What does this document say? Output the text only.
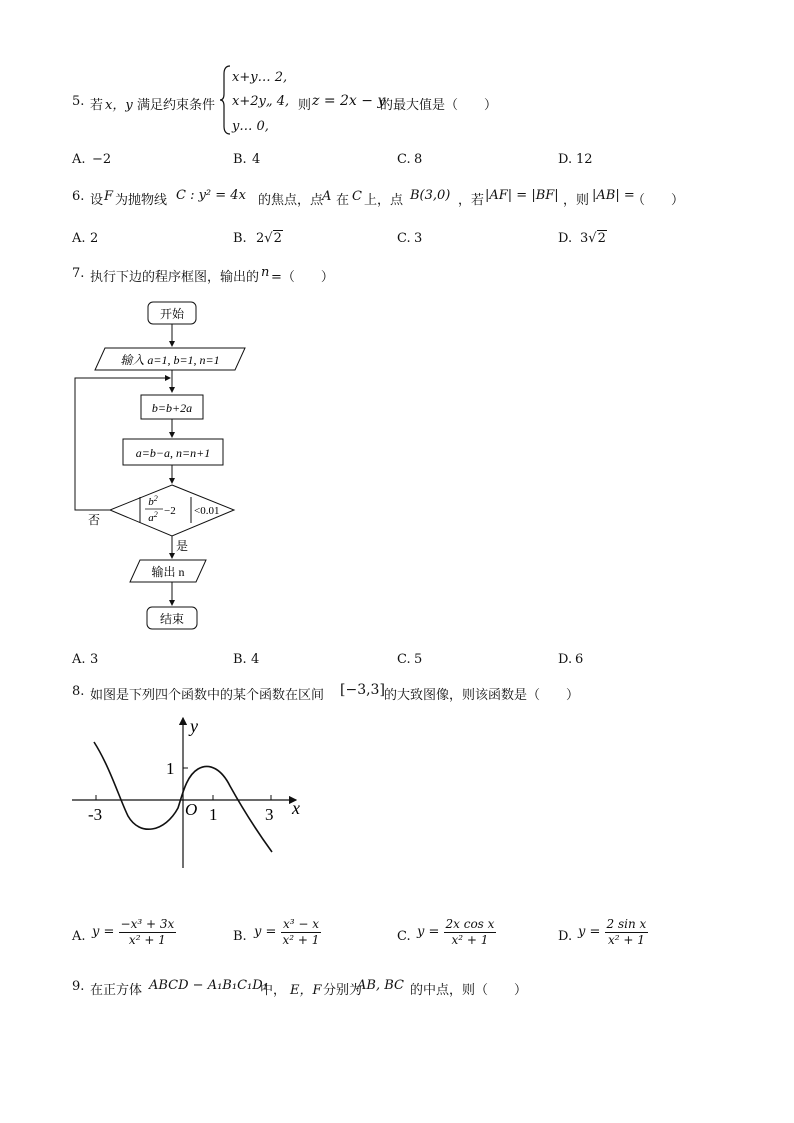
5. 若 x，y 满足约束条件
x+y… 2,
x+2y„ 4,
y… 0,
则 z = 2x − y
的最大值是（　　）
A. −2	B. 4	C. 8	D. 12
6. 设 F 为抛物线 C : y² = 4x 的焦点，点
A 在 C 上，点 B(3,0) ，若 |AF| = |BF| ，则 |AB| =
（　　）
A. 2	B. 2√2	C. 3	D. 3√2
7. 执行下边的程序框图，输出的 n =（　　）
开始
输入 a=1, b=1, n=1
b=b+2a
a=b−a, n=n+1
$b^2$
$a^2 -2 <0.01$
否
是
输出 n
结束
A. 3	B. 4	C. 5	D. 6
8. 如图是下列四个函数中的某个函数在区间 [−3,3] 的大致图像，则该函数是（　　）
y
x
O
-3	1	3
1
A. $y = \frac{\text{−x³ + 3x}}{\text{x² + 1}}$	B. $y = \frac{\text{x³ − x}}{\text{x² + 1}}$	C. $y = \frac{\text{2x cos x}}{\text{x² + 1}}$	D. $y = \frac{\text{2 sin x}}{\text{x² + 1}}$
9. 在正方体 ABCD − A₁B₁C₁D₁
中， E，F 分别为
AB, BC 的中点，则（　　）
